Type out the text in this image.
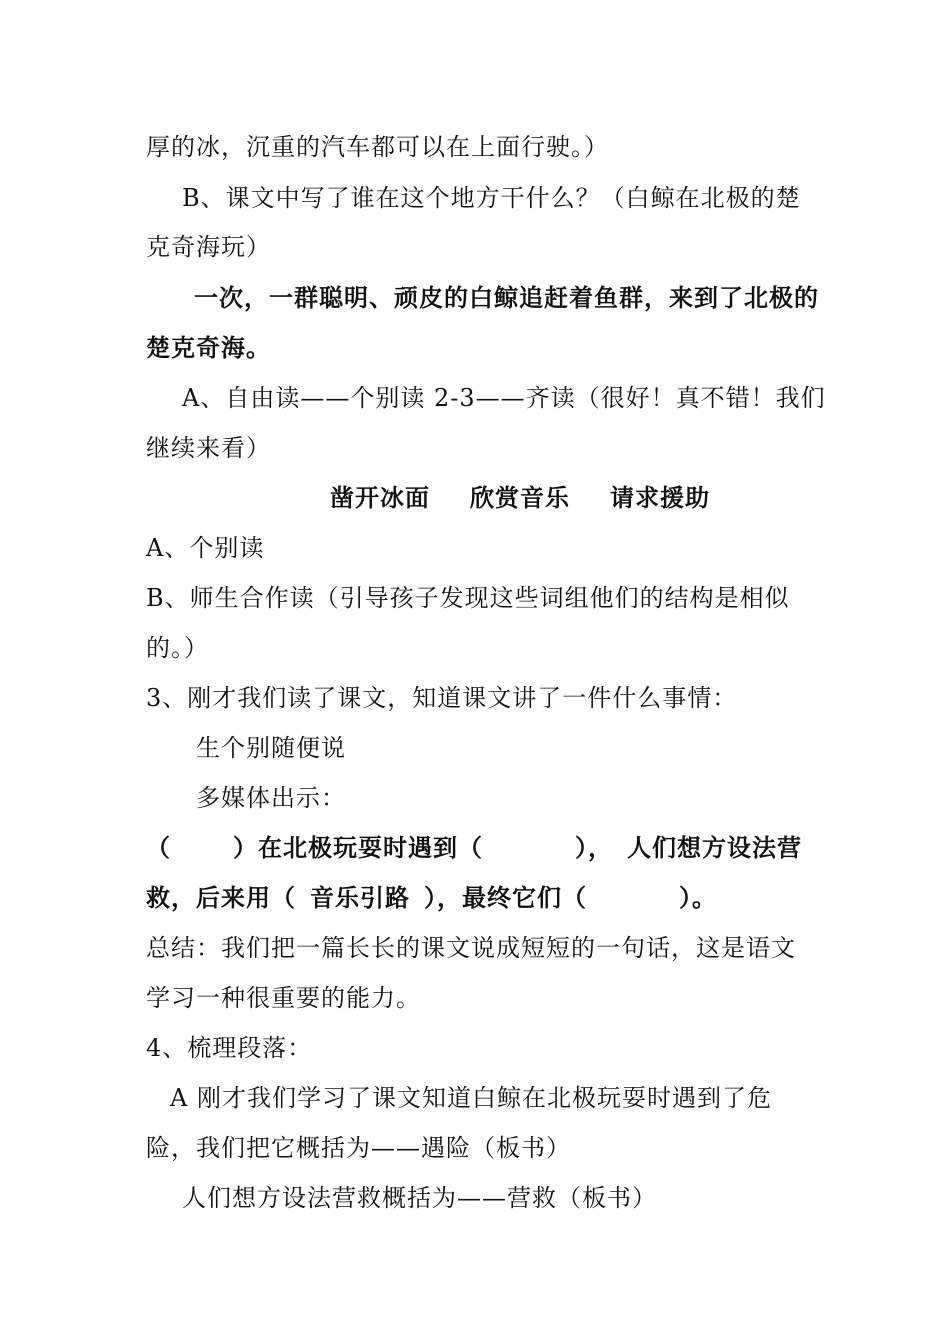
厚的冰，沉重的汽车都可以在上面行驶。）
B、课文中写了谁在这个地方干什么？（白鲸在北极的楚
克奇海玩）
一次，一群聪明、顽皮的白鲸追赶着鱼群，来到了北极的
楚克奇海。
A、自由读——个别读 2-3——齐读（很好！真不错！我们
继续来看）
凿开冰面 欣赏音乐 请求援助
A、个别读
B、师生合作读（引导孩子发现这些词组他们的结构是相似
的。）
3、刚才我们读了课文，知道课文讲了一件什么事情：
生个别随便说
多媒体出示：
（	）在北极玩耍时遇到（	）， 人们想方设法营
救，后来用（ 音乐引路 ），最终它们（	）。
总结：我们把一篇长长的课文说成短短的一句话，这是语文
学习一种很重要的能力。
4、梳理段落：
A 刚才我们学习了课文知道白鲸在北极玩耍时遇到了危
险，我们把它概括为——遇险（板书）
人们想方设法营救概括为——营救（板书）
